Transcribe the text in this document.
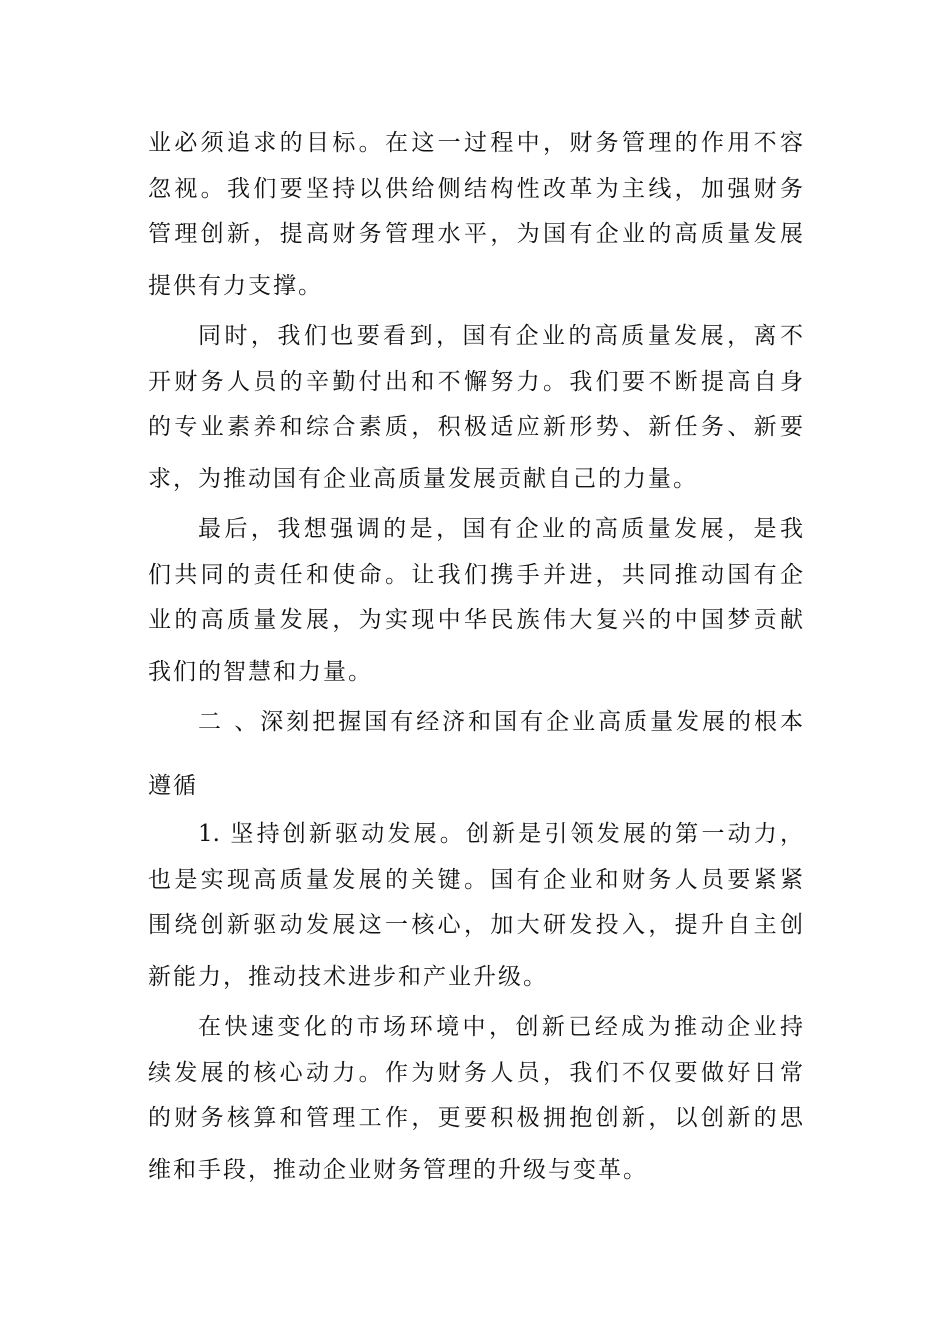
业必须追求的目标。在这一过程中，财务管理的作用不容
忽视。我们要坚持以供给侧结构性改革为主线，加强财务
管理创新，提高财务管理水平，为国有企业的高质量发展
提供有力支撑。
同时，我们也要看到，国有企业的高质量发展，离不
开财务人员的辛勤付出和不懈努力。我们要不断提高自身
的专业素养和综合素质，积极适应新形势、新任务、新要
求，为推动国有企业高质量发展贡献自己的力量。
最后，我想强调的是，国有企业的高质量发展，是我
们共同的责任和使命。让我们携手并进，共同推动国有企
业的高质量发展，为实现中华民族伟大复兴的中国梦贡献
我们的智慧和力量。
二 、深刻把握国有经济和国有企业高质量发展的根本
遵循
1. 坚持创新驱动发展。创新是引领发展的第一动力，
也是实现高质量发展的关键。国有企业和财务人员要紧紧
围绕创新驱动发展这一核心，加大研发投入，提升自主创
新能力，推动技术进步和产业升级。
在快速变化的市场环境中，创新已经成为推动企业持
续发展的核心动力。作为财务人员，我们不仅要做好日常
的财务核算和管理工作，更要积极拥抱创新，以创新的思
维和手段，推动企业财务管理的升级与变革。
